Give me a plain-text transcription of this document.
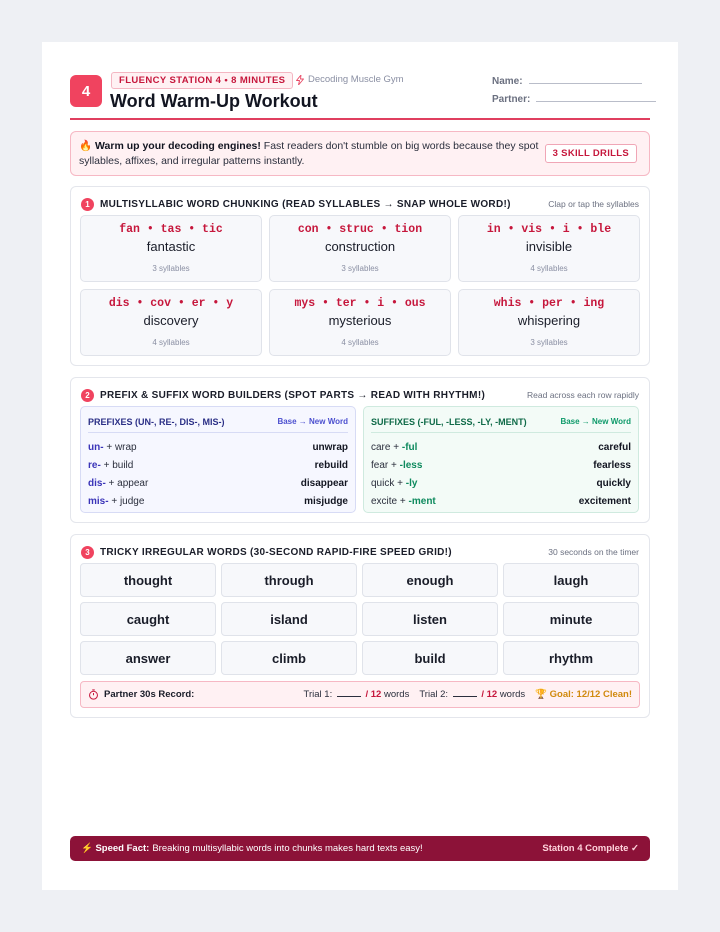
4
FLUENCY STATION 4 • 8 MINUTES	Decoding Muscle Gym
Word Warm-Up Workout
Name:
Partner:
🔥 Warm up your decoding engines! Fast readers don't stumble on big words because they spot syllables, affixes, and irregular patterns instantly.
3 SKILL DRILLS
1	MULTISYLLABIC WORD CHUNKING (READ SYLLABLES → SNAP WHOLE WORD!)	Clap or tap the syllables
fan • tas • tic
fantastic
3 syllables
con • struc • tion
construction
3 syllables
in • vis • i • ble
invisible
4 syllables
dis • cov • er • y
discovery
4 syllables
mys • ter • i • ous
mysterious
4 syllables
whis • per • ing
whispering
3 syllables
2	PREFIX & SUFFIX WORD BUILDERS (SPOT PARTS → READ WITH RHYTHM!)	Read across each row rapidly
PREFIXES (UN-, RE-, DIS-, MIS-)	Base → New Word
un- + wrap	unwrap
re- + build	rebuild
dis- + appear	disappear
mis- + judge	misjudge
SUFFIXES (-FUL, -LESS, -LY, -MENT)	Base → New Word
care + -ful	careful
fear + -less	fearless
quick + -ly	quickly
excite + -ment	excitement
3	TRICKY IRREGULAR WORDS (30-SECOND RAPID-FIRE SPEED GRID!)	30 seconds on the timer
thought	through	enough	laugh
caught	island	listen	minute
answer	climb	build	rhythm
Partner 30s Record:	Trial 1:	/ 12 words Trial 2:	/ 12 words 🏆 Goal: 12/12 Clean!
⚡ Speed Fact: Breaking multisyllabic words into chunks makes hard texts easy!	Station 4 Complete ✓
